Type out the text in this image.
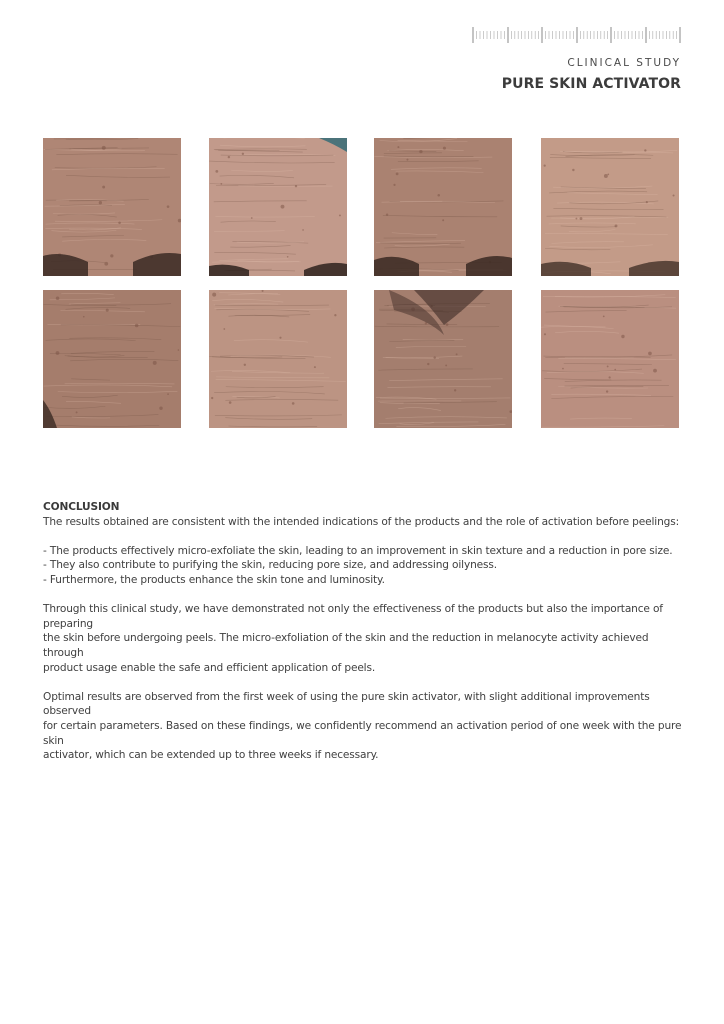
CLINICAL STUDY
PURE SKIN ACTIVATOR

CONCLUSION

The results obtained are consistent with the intended indications of the products and the role of activation before peelings:

- The products effectively micro-exfoliate the skin, leading to an improvement in skin texture and a reduction in pore size.

- They also contribute to purifying the skin, reducing pore size, and addressing oilyness.

- Furthermore, the products enhance the skin tone and luminosity.

Through this clinical study, we have demonstrated not only the effectiveness of the products but also the importance of preparing

the skin before undergoing peels. The micro-exfoliation of the skin and the reduction in melanocyte activity achieved through

product usage enable the safe and efficient application of peels.

Optimal results are observed from the first week of using the pure skin activator, with slight additional improvements observed

for certain parameters. Based on these findings, we confidently recommend an activation period of one week with the pure skin

activator, which can be extended up to three weeks if necessary.
